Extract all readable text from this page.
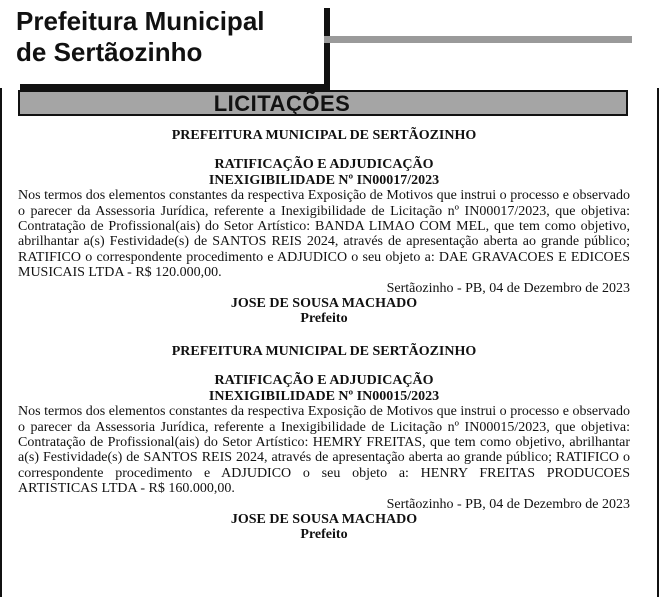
Prefeitura Municipal
de Sertãozinho
LICITAÇÕES
PREFEITURA MUNICIPAL DE SERTÃOZINHO
RATIFICAÇÃO E ADJUDICAÇÃO
INEXIGIBILIDADE Nº IN00017/2023

Nos termos dos elementos constantes da respectiva Exposição de Motivos que instrui o processo e observado o parecer da Assessoria Jurídica, referente a Inexigibilidade de Licitação nº IN00017/2023, que objetiva: Contratação de Profissional(ais) do Setor Artístico: BANDA LIMAO COM MEL, que tem como objetivo, abrilhantar a(s) Festividade(s) de SANTOS REIS 2024, através de apresentação aberta ao grande público; RATIFICO o correspondente procedimento e ADJUDICO o seu objeto a: DAE GRAVACOES E EDICOES MUSICAIS LTDA - R$ 120.000,00.

Sertãozinho - PB, 04 de Dezembro de 2023
JOSE DE SOUSA MACHADO
Prefeito
PREFEITURA MUNICIPAL DE SERTÃOZINHO
RATIFICAÇÃO E ADJUDICAÇÃO
INEXIGIBILIDADE Nº IN00015/2023

Nos termos dos elementos constantes da respectiva Exposição de Motivos que instrui o processo e observado o parecer da Assessoria Jurídica, referente a Inexigibilidade de Licitação nº IN00015/2023, que objetiva: Contratação de Profissional(ais) do Setor Artístico: HEMRY FREITAS, que tem como objetivo, abrilhantar a(s) Festividade(s) de SANTOS REIS 2024, através de apresentação aberta ao grande público; RATIFICO o correspondente procedimento e ADJUDICO o seu objeto a: HENRY FREITAS PRODUCOES ARTISTICAS LTDA - R$ 160.000,00.

Sertãozinho - PB, 04 de Dezembro de 2023
JOSE DE SOUSA MACHADO
Prefeito
